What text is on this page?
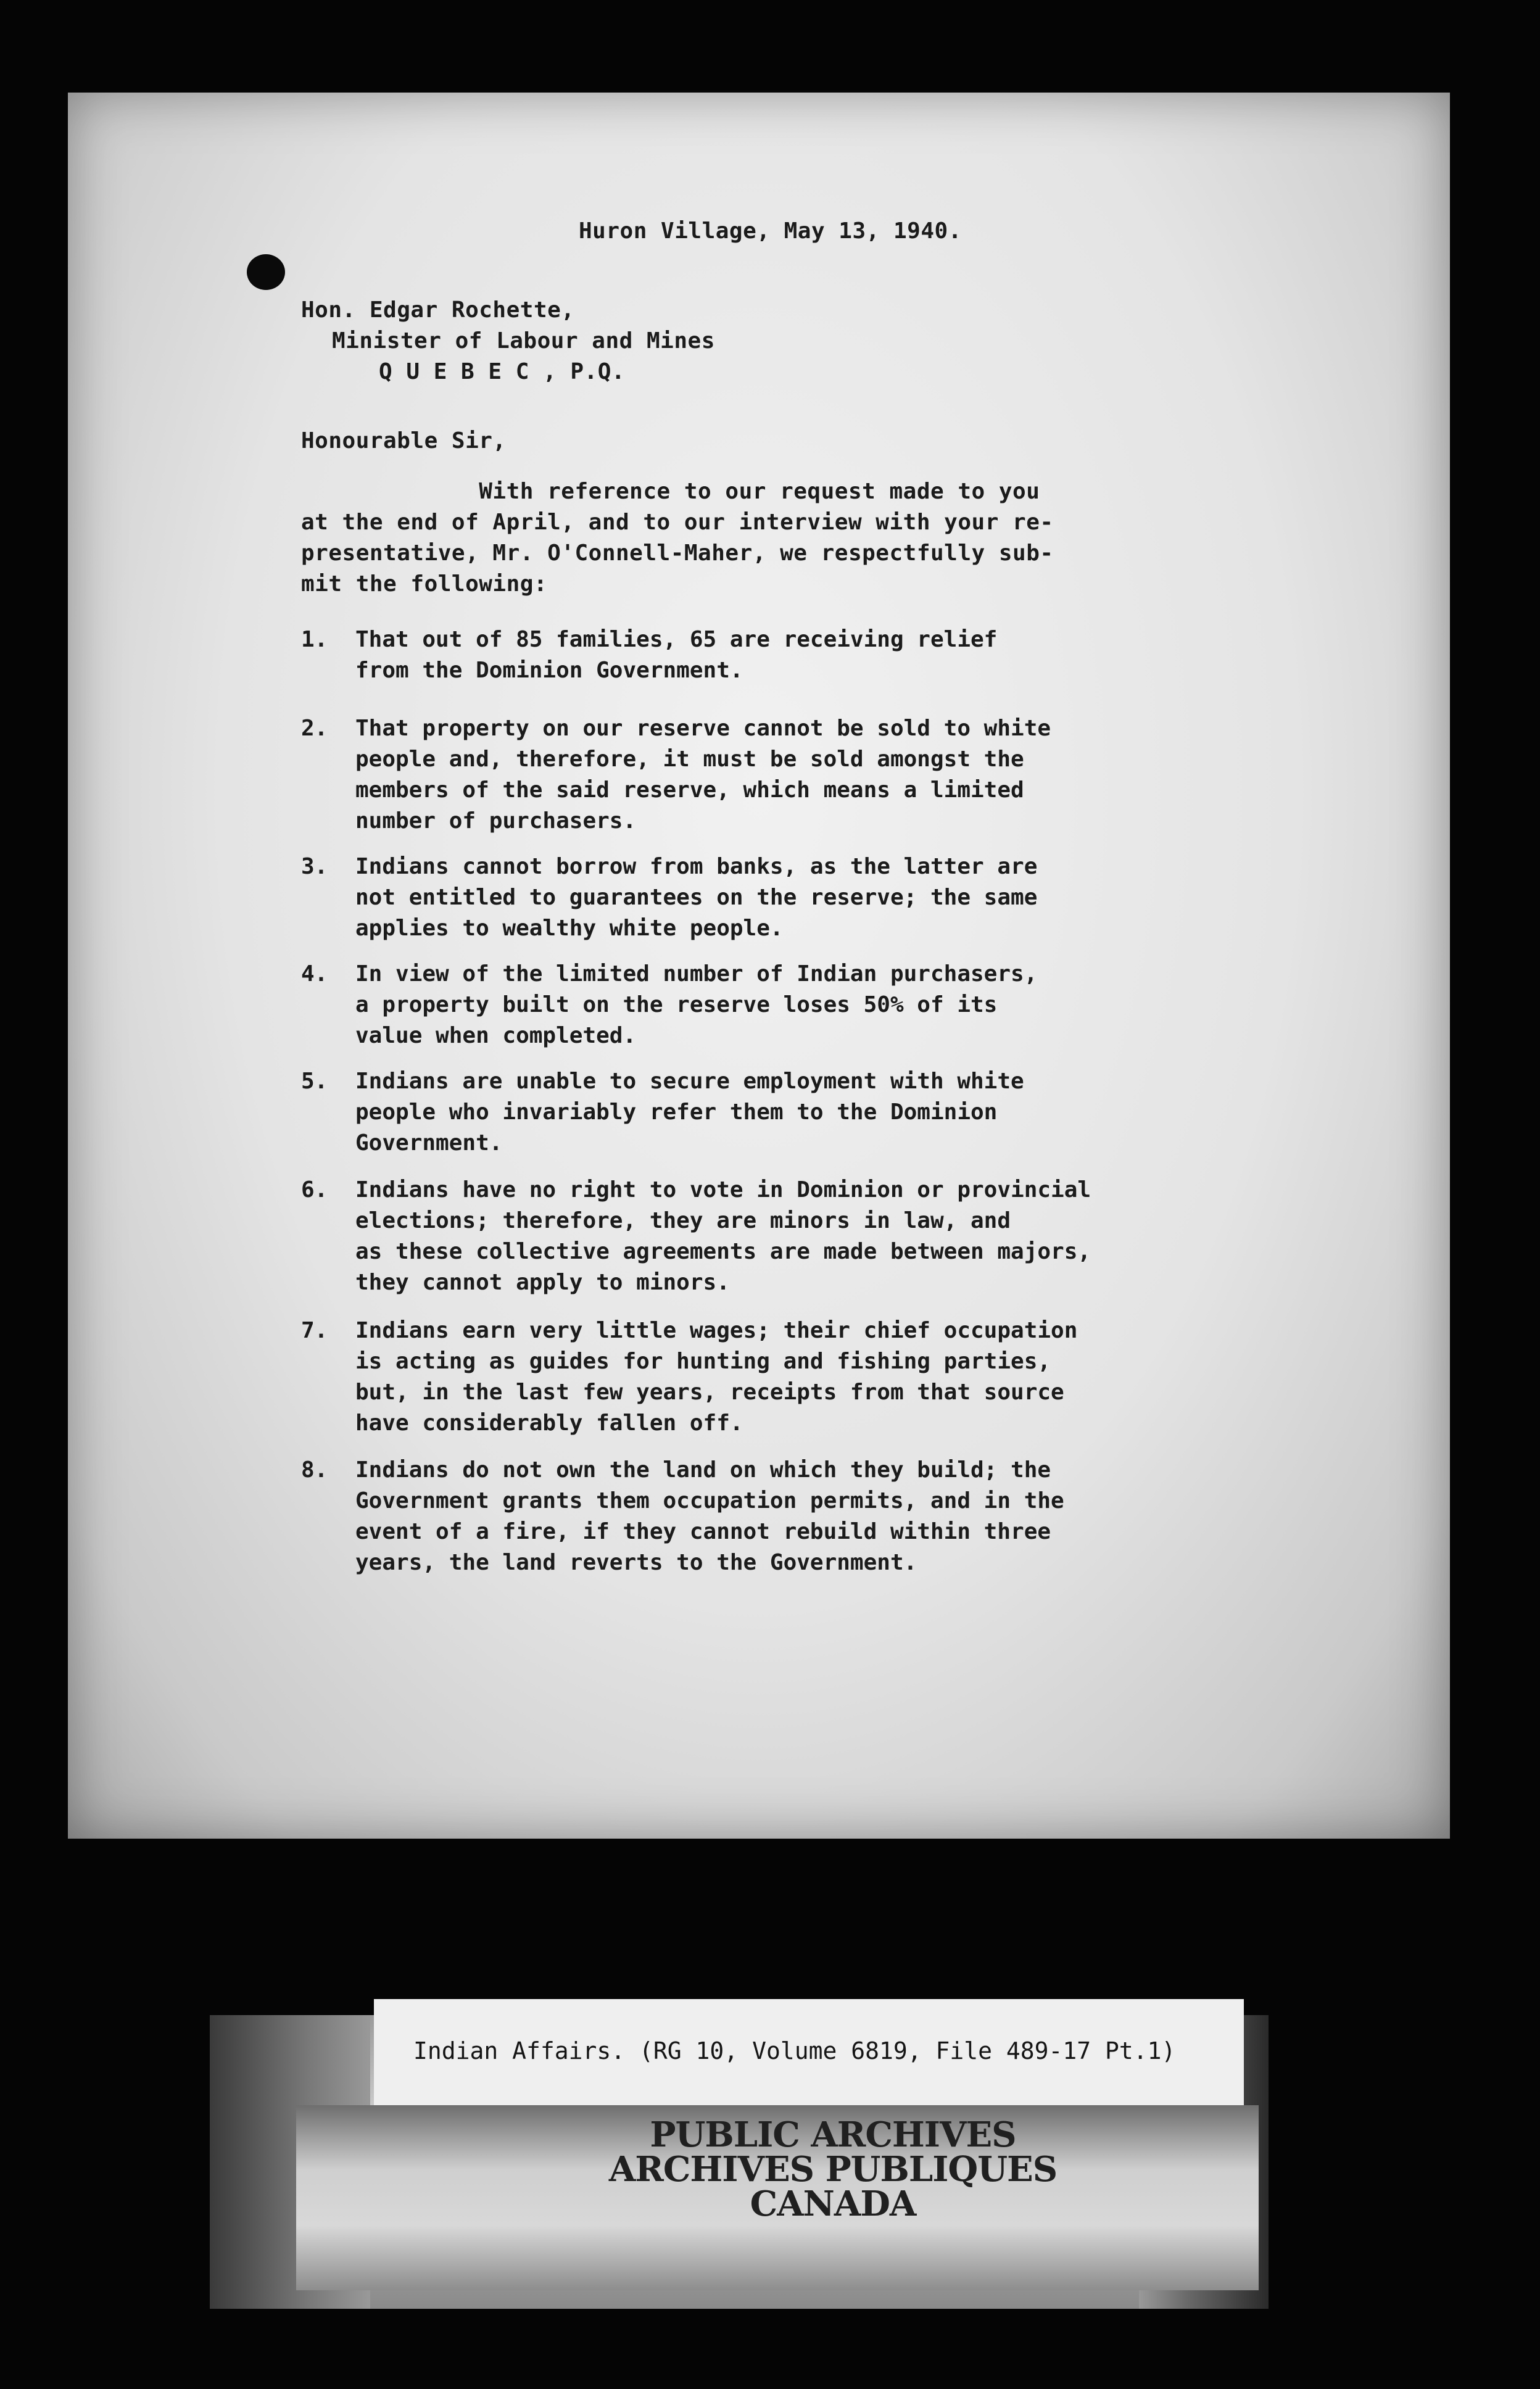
Huron Village, May 13, 1940.

Hon. Edgar Rochette,

Minister of Labour and Mines

Q U E B E C , P.Q.

Honourable Sir,

With reference to our request made to you
at the end of April, and to our interview with your re-
presentative, Mr. O'Connell-Maher, we respectfully sub-
mit the following:

1. That out of 85 families, 65 are receiving relief
from the Dominion Government.
2. That property on our reserve cannot be sold to white
people and, therefore, it must be sold amongst the
members of the said reserve, which means a limited
number of purchasers.
3. Indians cannot borrow from banks, as the latter are
not entitled to guarantees on the reserve; the same
applies to wealthy white people.
4. In view of the limited number of Indian purchasers,
a property built on the reserve loses 50% of its
value when completed.
5. Indians are unable to secure employment with white
people who invariably refer them to the Dominion
Government.
6. Indians have no right to vote in Dominion or provincial
elections; therefore, they are minors in law, and
as these collective agreements are made between majors,
they cannot apply to minors.
7. Indians earn very little wages; their chief occupation
is acting as guides for hunting and fishing parties,
but, in the last few years, receipts from that source
have considerably fallen off.
8. Indians do not own the land on which they build; the
Government grants them occupation permits, and in the
event of a fire, if they cannot rebuild within three
years, the land reverts to the Government.
Indian Affairs. (RG 10, Volume 6819, File 489-17 Pt.1)
PUBLIC ARCHIVES
ARCHIVES PUBLIQUES
CANADA
